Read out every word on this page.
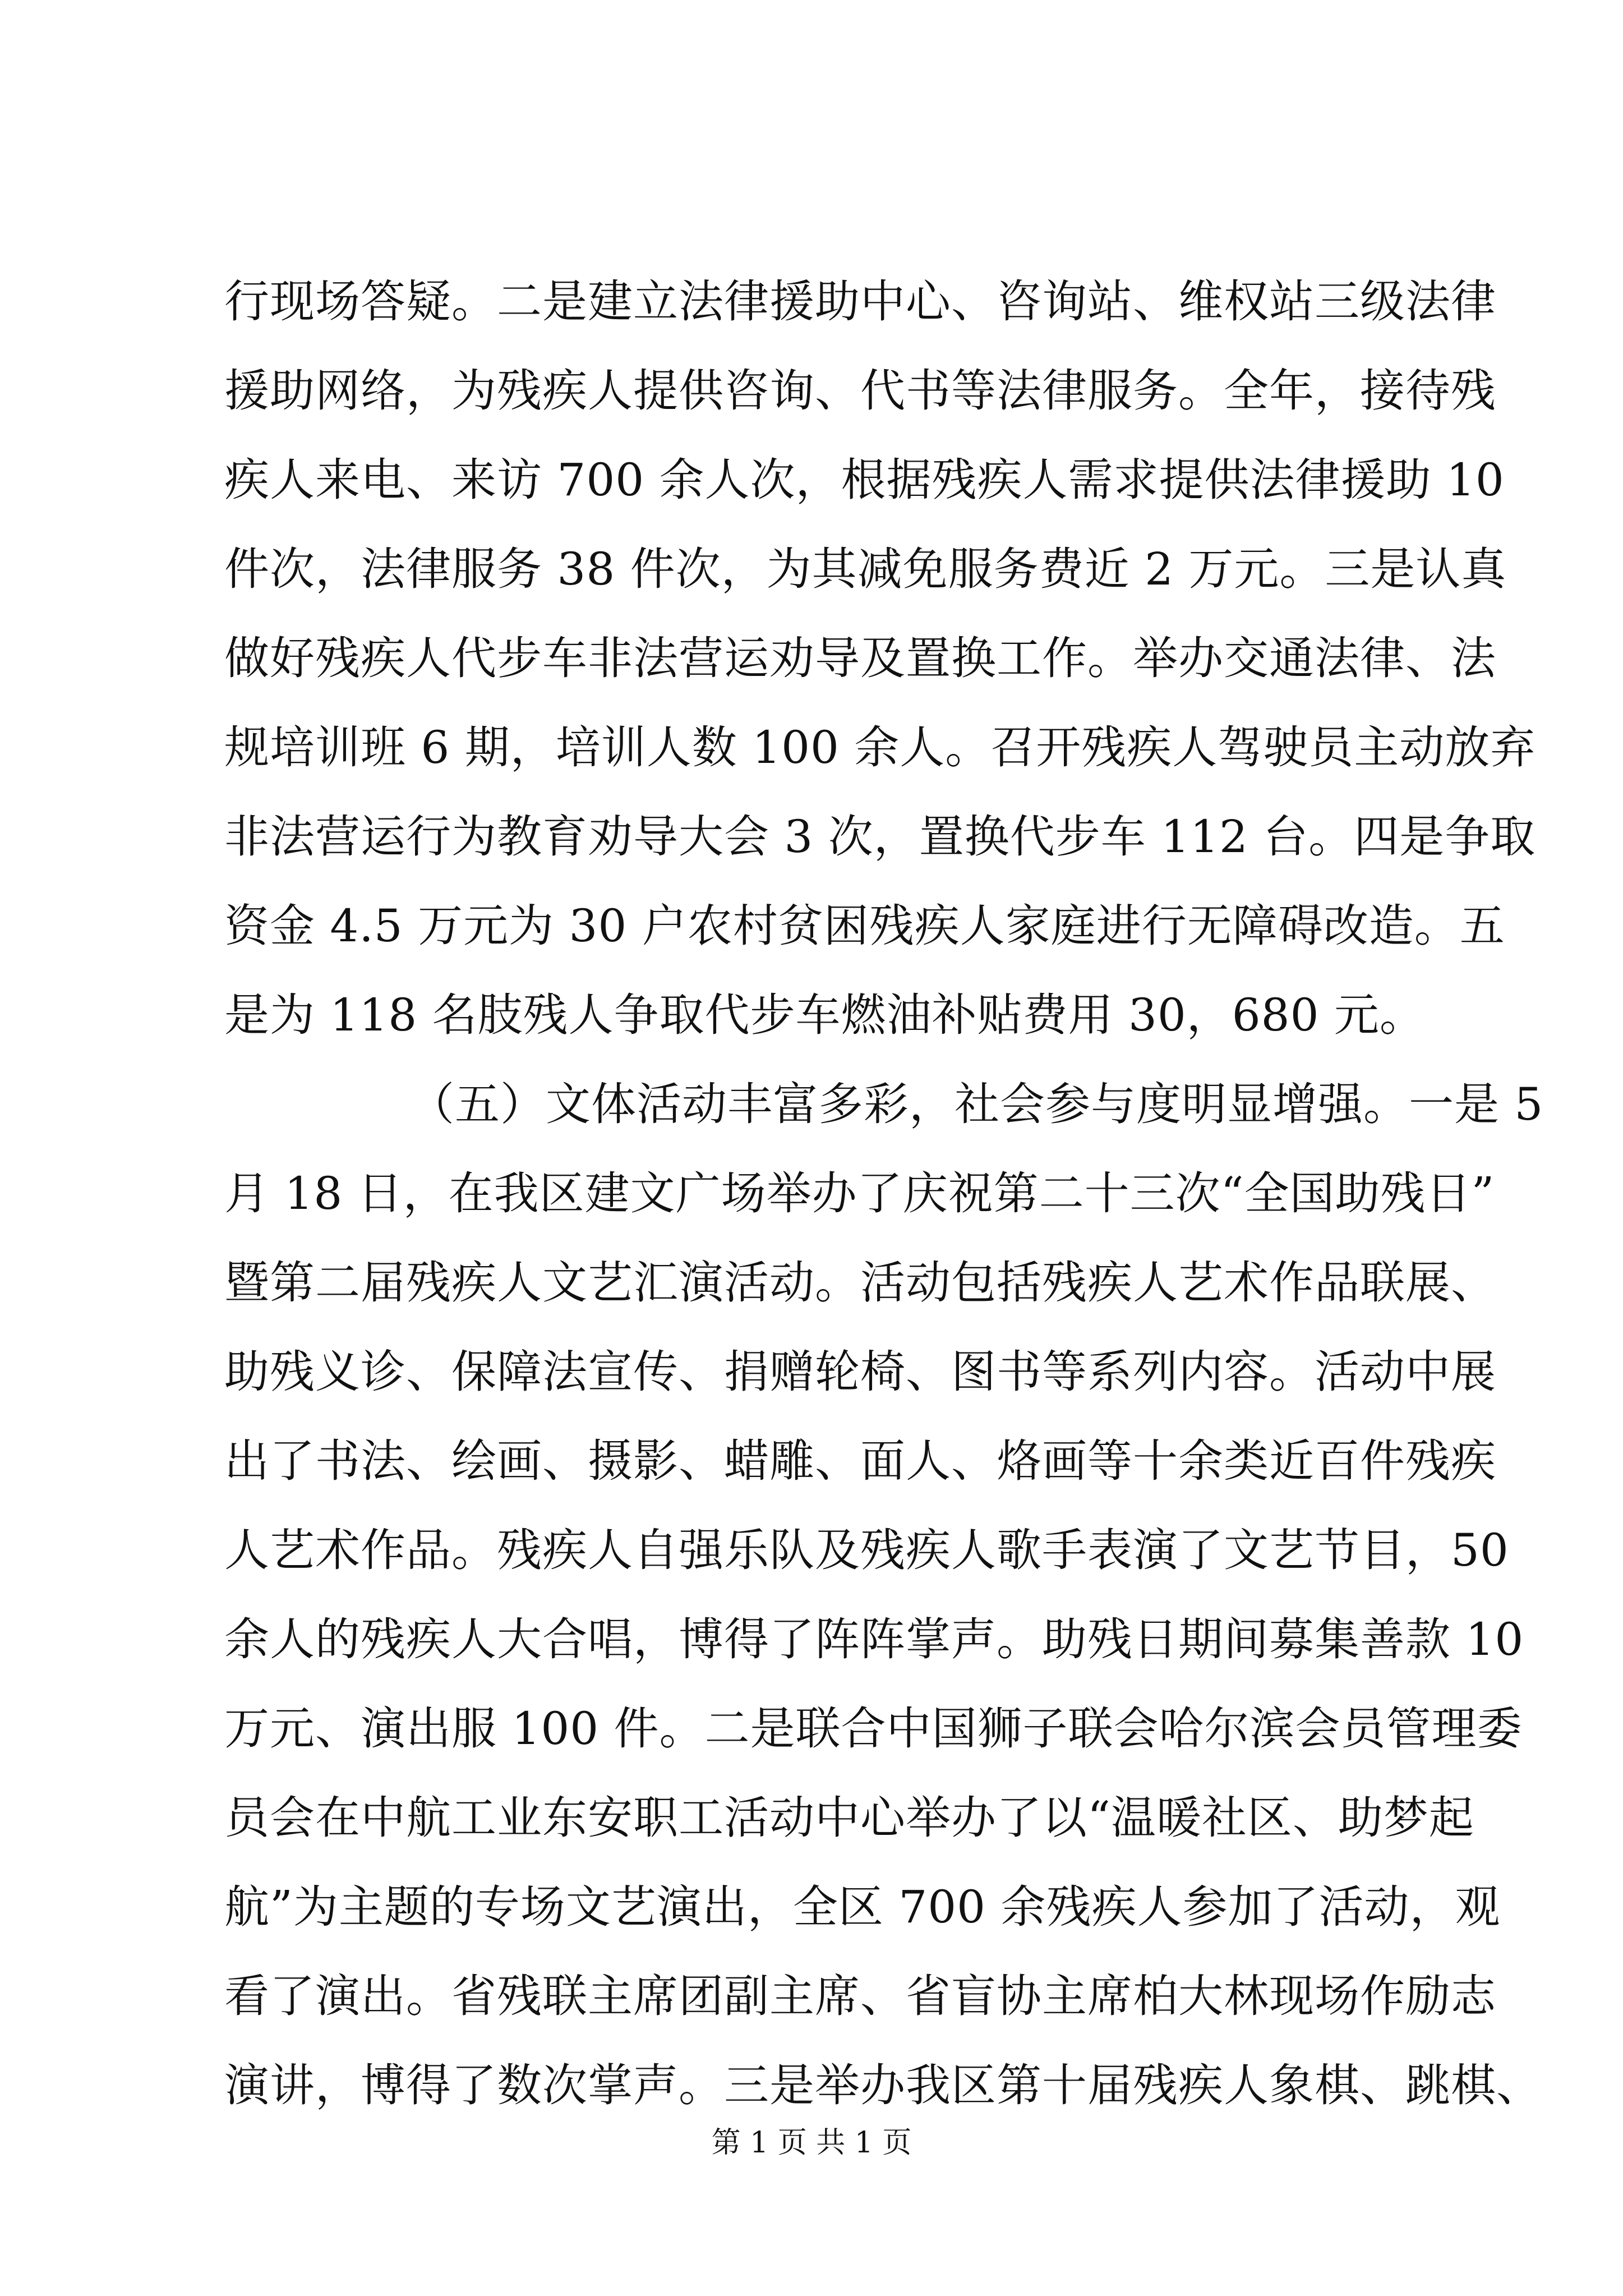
行现场答疑。二是建立法律援助中心、咨询站、维权站三级法律
援助网络，为残疾人提供咨询、代书等法律服务。全年，接待残
疾人来电、来访 700 余人次，根据残疾人需求提供法律援助 10
件次，法律服务 38 件次，为其减免服务费近 2 万元。三是认真
做好残疾人代步车非法营运劝导及置换工作。举办交通法律、法
规培训班 6 期，培训人数 100 余人。召开残疾人驾驶员主动放弃
非法营运行为教育劝导大会 3 次，置换代步车 112 台。四是争取
资金 4.5 万元为 30 户农村贫困残疾人家庭进行无障碍改造。五
是为 118 名肢残人争取代步车燃油补贴费用 30，680 元。
（五）文体活动丰富多彩，社会参与度明显增强。一是 5
月 18 日，在我区建文广场举办了庆祝第二十三次“全国助残日”
暨第二届残疾人文艺汇演活动。活动包括残疾人艺术作品联展、
助残义诊、保障法宣传、捐赠轮椅、图书等系列内容。活动中展
出了书法、绘画、摄影、蜡雕、面人、烙画等十余类近百件残疾
人艺术作品。残疾人自强乐队及残疾人歌手表演了文艺节目，50
余人的残疾人大合唱，博得了阵阵掌声。助残日期间募集善款 10
万元、演出服 100 件。二是联合中国狮子联会哈尔滨会员管理委
员会在中航工业东安职工活动中心举办了以“温暖社区、助梦起
航”为主题的专场文艺演出，全区 700 余残疾人参加了活动，观
看了演出。省残联主席团副主席、省盲协主席柏大林现场作励志
演讲，博得了数次掌声。三是举办我区第十届残疾人象棋、跳棋、
第 1 页 共 1 页
